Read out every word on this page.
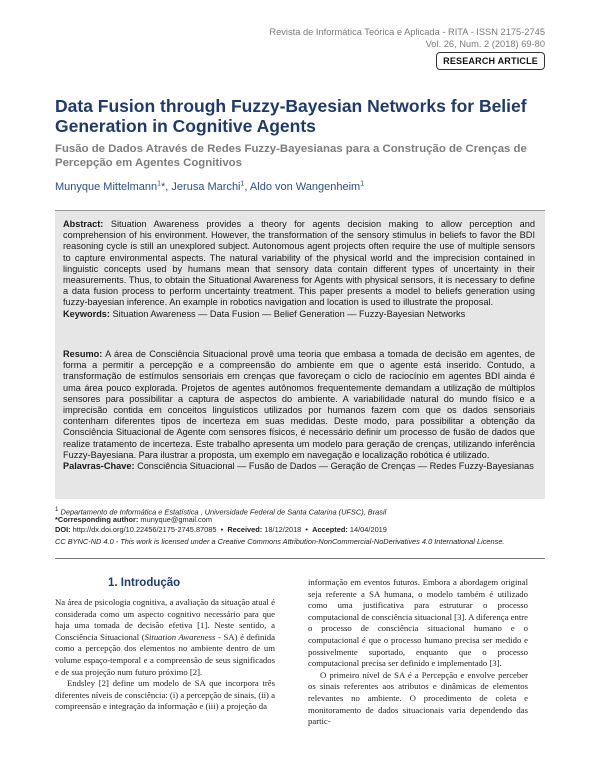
Revista de Informática Teórica e Aplicada - RITA - ISSN 2175-2745
Vol. 26, Num. 2 (2018) 69-80
RESEARCH ARTICLE
Data Fusion through Fuzzy-Bayesian Networks for Belief Generation in Cognitive Agents
Fusão de Dados Através de Redes Fuzzy-Bayesianas para a Construção de Crenças de Percepção em Agentes Cognitivos
Munyque Mittelmann$^1$*, Jerusa Marchi$^1$, Aldo von Wangenheim$^1$
Abstract: Situation Awareness provides a theory for agents decision making to allow perception and comprehension of his environment. However, the transformation of the sensory stimulus in beliefs to favor the BDI reasoning cycle is still an unexplored subject. Autonomous agent projects often require the use of multiple sensors to capture environmental aspects. The natural variability of the physical world and the imprecision contained in linguistic concepts used by humans mean that sensory data contain different types of uncertainty in their measurements. Thus, to obtain the Situational Awareness for Agents with physical sensors, it is necessary to define a data fusion process to perform uncertainty treatment. This paper presents a model to beliefs generation using fuzzy-bayesian inference. An example in robotics navigation and location is used to illustrate the proposal.
Keywords: Situation Awareness — Data Fusion — Belief Generation — Fuzzy-Bayesian Networks
Resumo: A área de Consciência Situacional provê uma teoria que embasa a tomada de decisão em agentes, de forma a permitir a percepção e a compreensão do ambiente em que o agente está inserido. Contudo, a transformação de estímulos sensoriais em crenças que favoreçam o ciclo de raciocínio em agentes BDI ainda é uma área pouco explorada. Projetos de agentes autônomos frequentemente demandam a utilização de múltiplos sensores para possibilitar a captura de aspectos do ambiente. A variabilidade natural do mundo físico e a imprecisão contida em conceitos linguísticos utilizados por humanos fazem com que os dados sensoriais contenham diferentes tipos de incerteza em suas medidas. Deste modo, para possibilitar a obtenção da Consciência Situacional de Agente com sensores físicos, é necessário definir um processo de fusão de dados que realize tratamento de incerteza. Este trabalho apresenta um modelo para geração de crenças, utilizando inferência Fuzzy-Bayesiana. Para ilustrar a proposta, um exemplo em navegação e localização robótica é utilizado.
Palavras-Chave: Consciência Situacional — Fusão de Dados — Geração de Crenças — Redes Fuzzy-Bayesianas
$^1$ Departamento de Informática e Estatística , Universidade Federal de Santa Catarina (UFSC), Brasil
*Corresponding author: munyque@gmail.com
DOI: http://dx.doi.org/10.22456/2175-2745.87085  •  Received: 18/12/2018  •  Accepted: 14/04/2019
CC BYNC-ND 4.0 - This work is licensed under a Creative Commons Attribution-NonCommercial-NoDerivatives 4.0 International License.
1. Introdução

Na área de psicologia cognitiva, a avaliação da situação atual é considerada como um aspecto cognitivo necessário para que haja uma tomada de decisão efetiva [1]. Neste sentido, a Consciência Situacional (Situation Awareness - SA) é definida como a percepção dos elementos no ambiente dentro de um volume espaço-temporal e a compreensão de seus significados e de sua projeção num futuro próximo [2].

Endsley [2] define um modelo de SA que incorpora três diferentes níveis de consciência: (i) a percepção de sinais, (ii) a compreensão e integração da informação e (iii) a projeção da

informação em eventos futuros. Embora a abordagem original seja referente a SA humana, o modelo também é utilizado como uma justificativa para estruturar o processo computacional de consciência situacional [3]. A diferença entre o processo de consciência situacional humano e o computacional é que o processo humano precisa ser medido e possivelmente suportado, enquanto que o processo computacional precisa ser definido e implementado [3].

O primeiro nível de SA é a Percepção e envolve perceber os sinais referentes aos atributos e dinâmicas de elementos relevantes no ambiente. O procedimento de coleta e monitoramento de dados situacionais varia dependendo das partic-
